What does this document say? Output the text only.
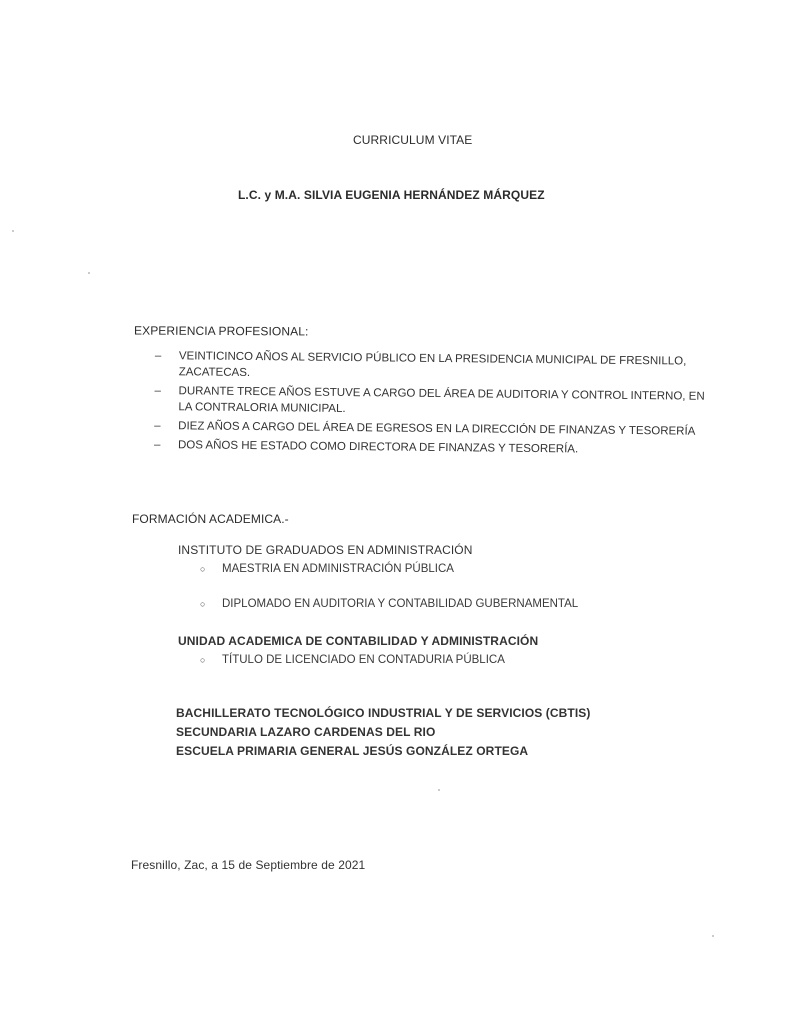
CURRICULUM VITAE
L.C. y M.A. SILVIA EUGENIA HERNÁNDEZ MÁRQUEZ
EXPERIENCIA PROFESIONAL:
– VEINTICINCO AÑOS AL SERVICIO PÚBLICO EN LA PRESIDENCIA MUNICIPAL DE FRESNILLO, ZACATECAS.
– DURANTE TRECE AÑOS ESTUVE A CARGO DEL ÁREA DE AUDITORIA Y CONTROL INTERNO, EN LA CONTRALORIA MUNICIPAL.
– DIEZ AÑOS A CARGO DEL ÁREA DE EGRESOS EN LA DIRECCIÓN DE FINANZAS Y TESORERÍA
– DOS AÑOS HE ESTADO COMO DIRECTORA DE FINANZAS Y TESORERÍA.
FORMACIÓN ACADEMICA.-
INSTITUTO DE GRADUADOS EN ADMINISTRACIÓN
○ MAESTRIA EN ADMINISTRACIÓN PÚBLICA
○ DIPLOMADO EN AUDITORIA Y CONTABILIDAD GUBERNAMENTAL
UNIDAD ACADEMICA DE CONTABILIDAD Y ADMINISTRACIÓN
○ TÍTULO DE LICENCIADO EN CONTADURIA PÚBLICA
BACHILLERATO TECNOLÓGICO INDUSTRIAL Y DE SERVICIOS (CBTIS)
SECUNDARIA LAZARO CARDENAS DEL RIO
ESCUELA PRIMARIA GENERAL JESÚS GONZÁLEZ ORTEGA
Fresnillo, Zac, a 15 de Septiembre de 2021
